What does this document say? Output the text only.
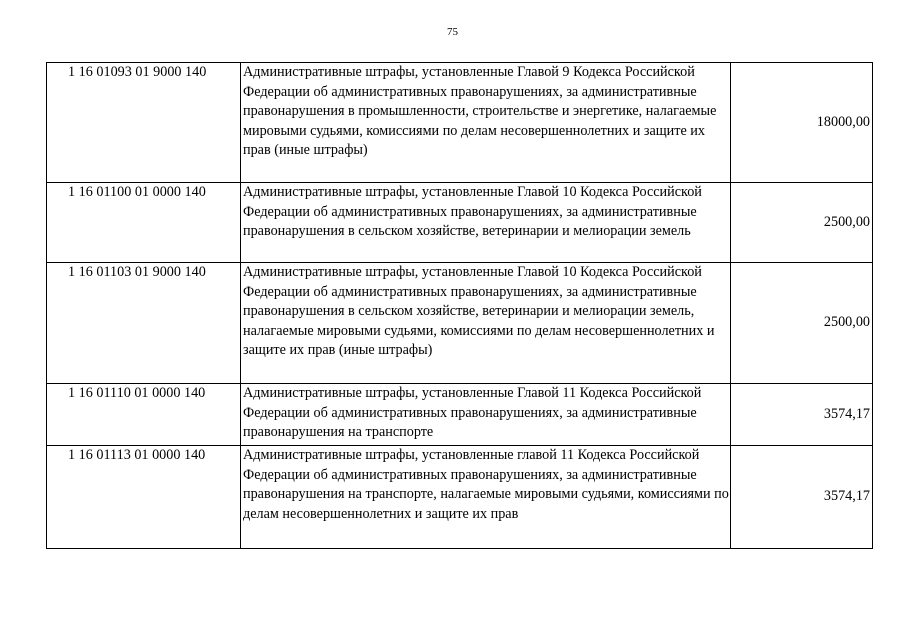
75
1 16 01093 01 9000 140	Административные штрафы, установленные Главой 9 Кодекса Российской Федерации об административных правонарушениях, за административные правонарушения в промышленности, строительстве и энергетике, налагаемые мировыми судьями, комиссиями по делам несовершеннолетних и защите их прав (иные штрафы)	18000,00
1 16 01100 01 0000 140	Административные штрафы, установленные Главой 10 Кодекса Российской Федерации об административных правонарушениях, за административные правонарушения в сельском хозяйстве, ветеринарии и мелиорации земель	2500,00
1 16 01103 01 9000 140	Административные штрафы, установленные Главой 10 Кодекса Российской Федерации об административных правонарушениях, за административные правонарушения в сельском хозяйстве, ветеринарии и мелиорации земель, налагаемые мировыми судьями, комиссиями по делам несовершеннолетних и защите их прав (иные штрафы)	2500,00
1 16 01110 01 0000 140	Административные штрафы, установленные Главой 11 Кодекса Российской Федерации об административных правонарушениях, за административные правонарушения на транспорте	3574,17
1 16 01113 01 0000 140	Административные штрафы, установленные главой 11 Кодекса Российской Федерации об административных правонарушениях, за административные правонарушения на транспорте, налагаемые мировыми судьями, комиссиями по делам несовершеннолетних и защите их прав	3574,17
